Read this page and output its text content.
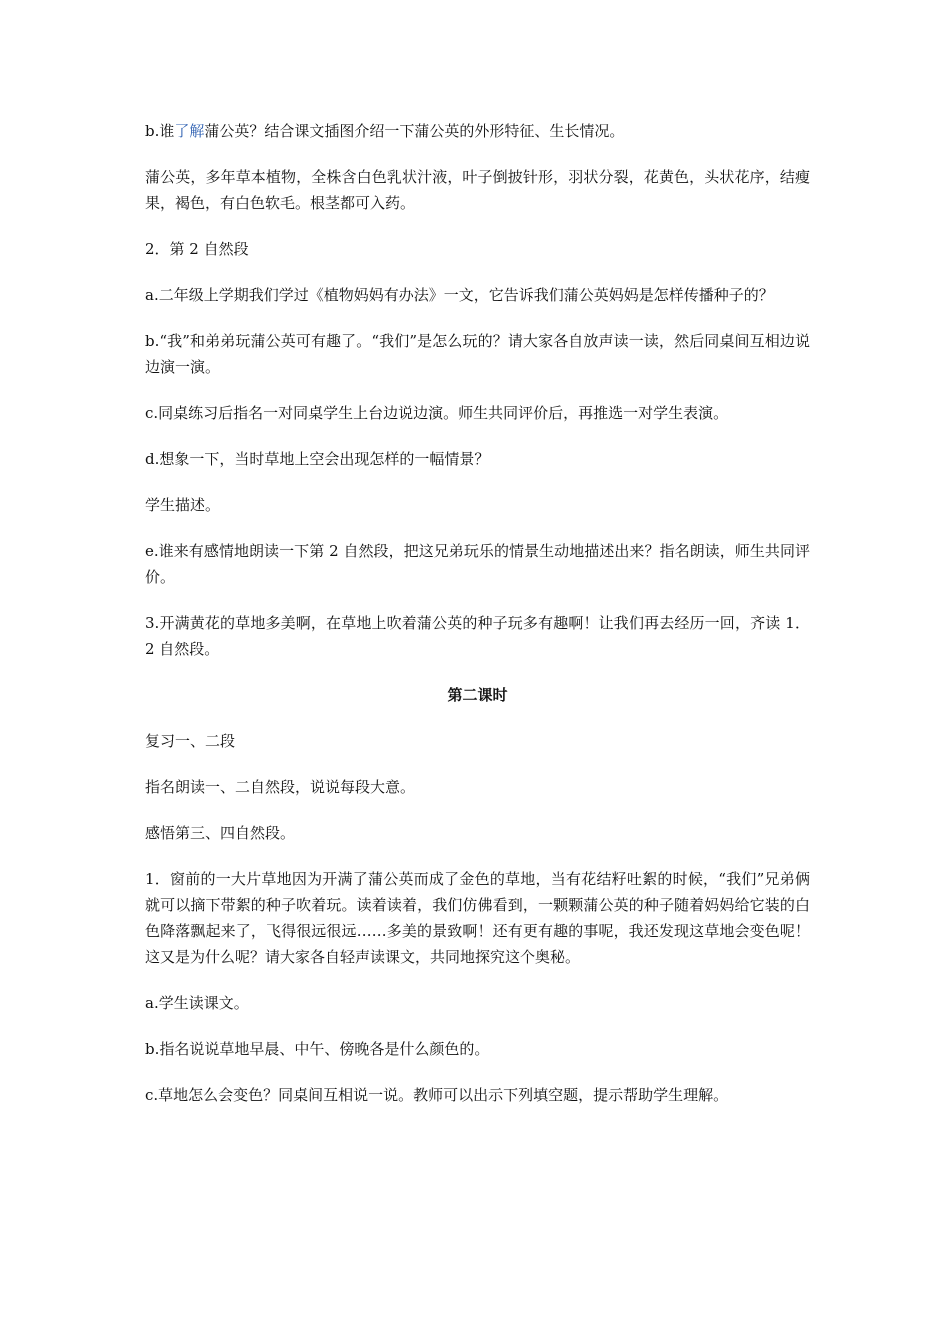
b.谁了解蒲公英？结合课文插图介绍一下蒲公英的外形特征、生长情况。

蒲公英，多年草本植物，全株含白色乳状汁液，叶子倒披针形，羽状分裂，花黄色，头状花序，结瘦果，褐色，有白色软毛。根茎都可入药。

2．第 2 自然段

a.二年级上学期我们学过《植物妈妈有办法》一文，它告诉我们蒲公英妈妈是怎样传播种子的？

b.“我”和弟弟玩蒲公英可有趣了。“我们”是怎么玩的？请大家各自放声读一读，然后同桌间互相边说边演一演。

c.同桌练习后指名一对同桌学生上台边说边演。师生共同评价后，再推选一对学生表演。

d.想象一下，当时草地上空会出现怎样的一幅情景？

学生描述。

e.谁来有感情地朗读一下第 2 自然段，把这兄弟玩乐的情景生动地描述出来？指名朗读，师生共同评价。

3.开满黄花的草地多美啊，在草地上吹着蒲公英的种子玩多有趣啊！让我们再去经历一回，齐读 1．2 自然段。

第二课时

复习一、二段

指名朗读一、二自然段，说说每段大意。

感悟第三、四自然段。

1．窗前的一大片草地因为开满了蒲公英而成了金色的草地，当有花结籽吐絮的时候，“我们”兄弟俩就可以摘下带絮的种子吹着玩。读着读着，我们仿佛看到，一颗颗蒲公英的种子随着妈妈给它装的白色降落飘起来了，飞得很远很远……多美的景致啊！还有更有趣的事呢，我还发现这草地会变色呢！这又是为什么呢？请大家各自轻声读课文，共同地探究这个奥秘。

a.学生读课文。

b.指名说说草地早晨、中午、傍晚各是什么颜色的。

c.草地怎么会变色？同桌间互相说一说。教师可以出示下列填空题，提示帮助学生理解。
